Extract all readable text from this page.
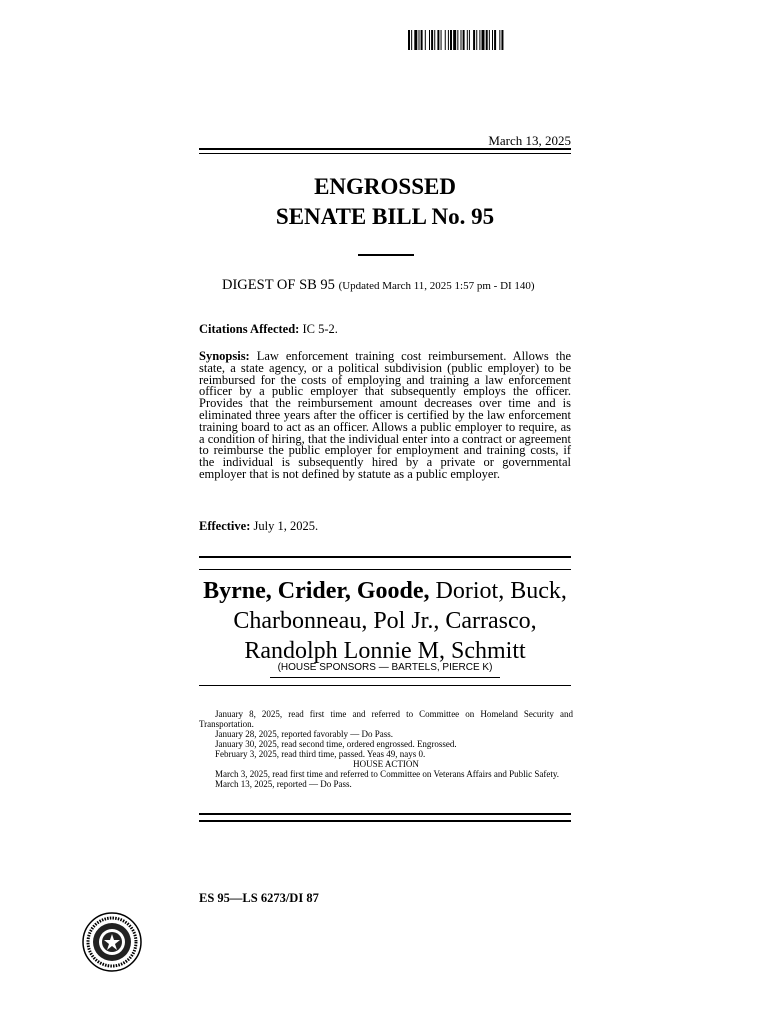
March 13, 2025
ENGROSSED
SENATE BILL No. 95
DIGEST OF SB 95 (Updated March 11, 2025 1:57 pm - DI 140)
Citations Affected: IC 5-2.
Synopsis: Law enforcement training cost reimbursement. Allows the state, a state agency, or a political subdivision (public employer) to be reimbursed for the costs of employing and training a law enforcement officer by a public employer that subsequently employs the officer. Provides that the reimbursement amount decreases over time and is eliminated three years after the officer is certified by the law enforcement training board to act as an officer. Allows a public employer to require, as a condition of hiring, that the individual enter into a contract or agreement to reimburse the public employer for employment and training costs, if the individual is subsequently hired by a private or governmental employer that is not defined by statute as a public employer.
Effective: July 1, 2025.
Byrne, Crider, Goode, Doriot, Buck,
Charbonneau, Pol Jr., Carrasco,
Randolph Lonnie M, Schmitt
(HOUSE SPONSORS — BARTELS, PIERCE K)
January 8, 2025, read first time and referred to Committee on Homeland Security and Transportation.
January 28, 2025, reported favorably — Do Pass.
January 30, 2025, read second time, ordered engrossed. Engrossed.
February 3, 2025, read third time, passed. Yeas 49, nays 0.
HOUSE ACTION
March 3, 2025, read first time and referred to Committee on Veterans Affairs and Public Safety.
March 13, 2025, reported — Do Pass.
ES 95—LS 6273/DI 87
